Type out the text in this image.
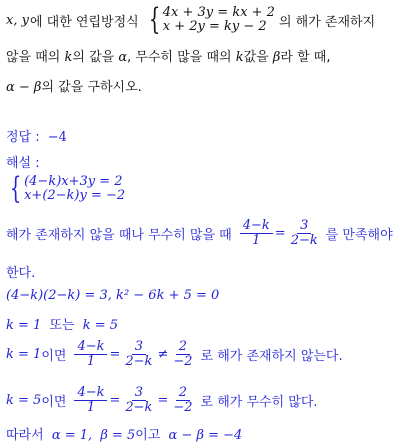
x, y 에 대한 연립방정식 { 4x + 3y = kx + 2
x + 2y = ky − 2 의 해가 존재하지
않을 때의 k의 값을 α, 무수히 많을 때의 k값을 β라 할 때,
α − β의 값을 구하시오.
정답 : −4
해설 :
{ (4−k)x+3y = 2
x+(2−k)y = −2
해가 존재하지 않을 때나 무수히 많을 때 $\frac{4-k}{1} = \frac{3}{2-k}$ 를 만족해야
한다.
(4−k)(2−k) = 3, k² − 6k + 5 = 0
k = 1 또는 k = 5
k = 1 이면 $\frac{4-k}{1} = \frac{3}{2-k} \ne \frac{2}{-2}$ 로 해가 존재하지 않는다.
k = 5 이면 $\frac{4-k}{1} = \frac{3}{2-k} = \frac{2}{-2}$ 로 해가 무수히 많다.
따라서 α = 1, β = 5이고 α − β = −4
